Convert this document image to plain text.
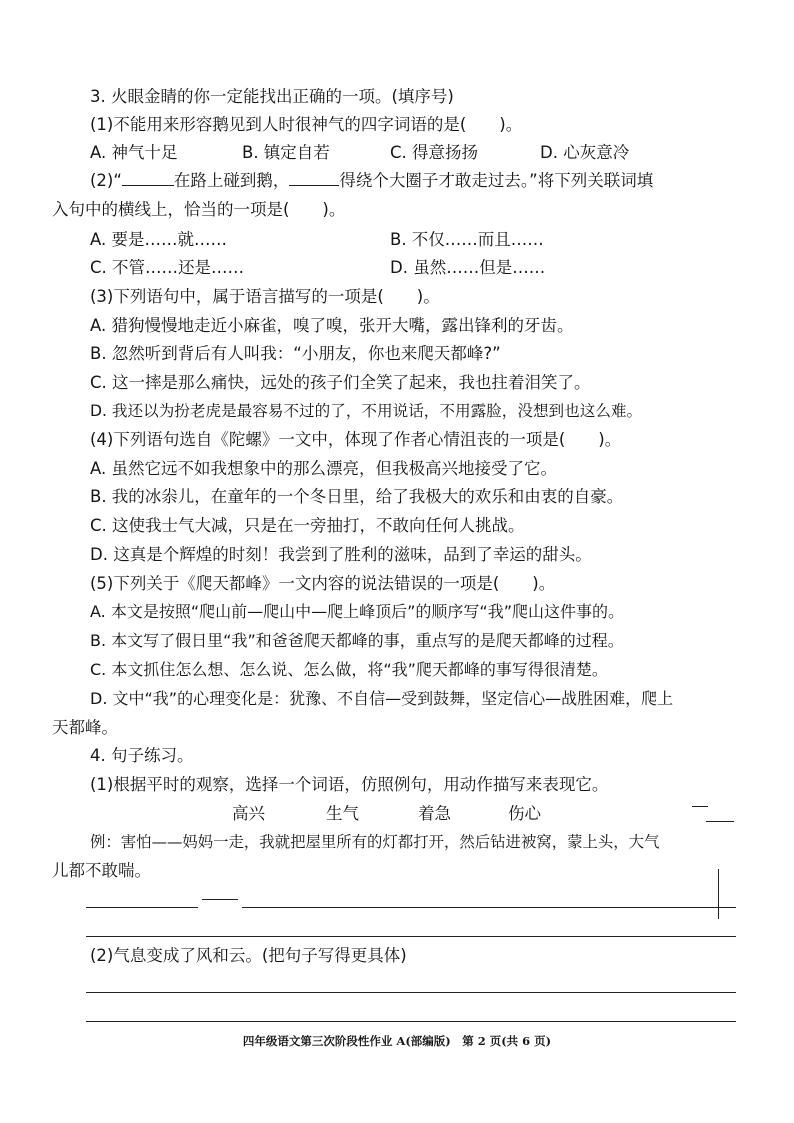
3. 火眼金睛的你一定能找出正确的一项。(填序号)
(1)不能用来形容鹅见到人时很神气的四字词语的是(　　)。
A. 神气十足	B. 镇定自若	C. 得意扬扬	D. 心灰意冷
(2)“	在路上碰到鹅，	得绕个大圈子才敢走过去。”将下列关联词填
入句中的横线上，恰当的一项是(　　)。
A. 要是……就……	B. 不仅……而且……
C. 不管……还是……	D. 虽然……但是……
(3)下列语句中，属于语言描写的一项是(　　)。
A. 猎狗慢慢地走近小麻雀，嗅了嗅，张开大嘴，露出锋利的牙齿。
B. 忽然听到背后有人叫我：“小朋友，你也来爬天都峰?”
C. 这一摔是那么痛快，远处的孩子们全笑了起来，我也拄着泪笑了。
D. 我还以为扮老虎是最容易不过的了，不用说话，不用露脸，没想到也这么难。
(4)下列语句选自《陀螺》一文中，体现了作者心情沮丧的一项是(　　)。
A. 虽然它远不如我想象中的那么漂亮，但我极高兴地接受了它。
B. 我的冰尜儿，在童年的一个冬日里，给了我极大的欢乐和由衷的自豪。
C. 这使我士气大减，只是在一旁抽打，不敢向任何人挑战。
D. 这真是个辉煌的时刻！我尝到了胜利的滋味，品到了幸运的甜头。
(5)下列关于《爬天都峰》一文内容的说法错误的一项是(　　)。
A. 本文是按照“爬山前—爬山中—爬上峰顶后”的顺序写“我”爬山这件事的。
B. 本文写了假日里“我”和爸爸爬天都峰的事，重点写的是爬天都峰的过程。
C. 本文抓住怎么想、怎么说、怎么做，将“我”爬天都峰的事写得很清楚。
D. 文中“我”的心理变化是：犹豫、不自信—受到鼓舞，坚定信心—战胜困难，爬上
天都峰。
4. 句子练习。
(1)根据平时的观察，选择一个词语，仿照例句，用动作描写来表现它。
高兴	生气	着急	伤心
例：害怕——妈妈一走，我就把屋里所有的灯都打开，然后钻进被窝，蒙上头，大气
儿都不敢喘。
(2)气息变成了风和云。(把句子写得更具体)
四年级语文第三次阶段性作业 A(部编版)　第 2 页(共 6 页)
